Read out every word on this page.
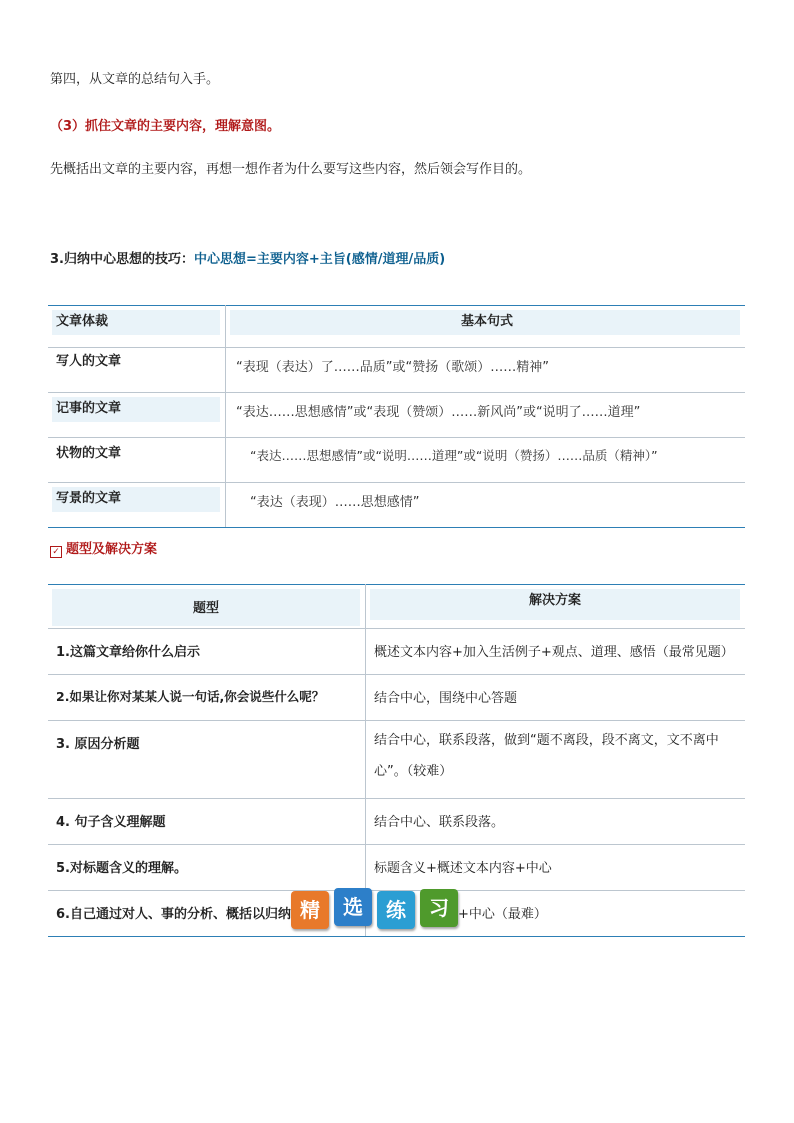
第四，从文章的总结句入手。
（3）抓住文章的主要内容，理解意图。
先概括出文章的主要内容，再想一想作者为什么要写这些内容，然后领会写作目的。
3.归纳中心思想的技巧：中心思想=主要内容+主旨(感情/道理/品质)
文章体裁	基本句式

写人的文章	“表现（表达）了……品质”或“赞扬（歌颂）……精神”

记事的文章	“表达……思想感情”或“表现（赞颂）……新风尚”或“说明了……道理”

状物的文章	“表达……思想感情”或“说明……道理”或“说明（赞扬）……品质（精神）”

写景的文章	“表达（表现）……思想感情”
✓ 题型及解决方案
题型	解决方案

1.这篇文章给你什么启示	概述文本内容+加入生活例子+观点、道理、感悟（最常见题）

2.如果让你对某某人说一句话,你会说些什么呢？	结合中心，围绕中心答题

3. 原因分析题	结合中心，联系段落，做到“题不离段，段不离文，文不离中心”。（较难）

4. 句子含义理解题	结合中心、联系段落。

5.对标题含义的理解。	标题含义+概述文本内容+中心

6.自己通过对人、事的分析、概括以归纳	+中心（最难）
精	选	练	习
